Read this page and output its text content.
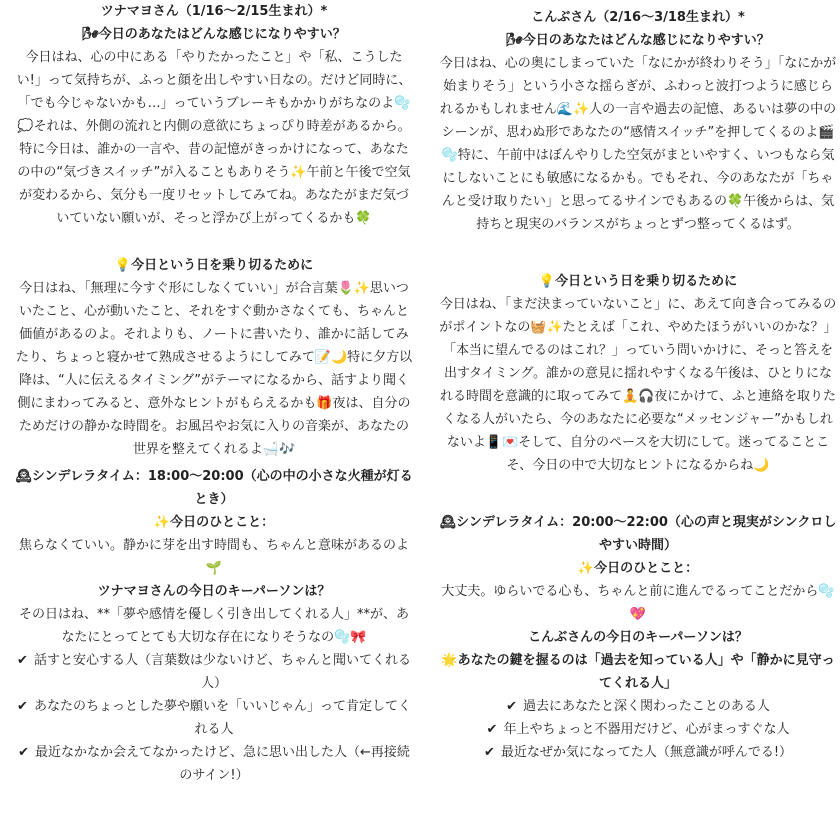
ツナマヨさん（1/16〜2/15生まれ）*

🌬今日のあなたはどんな感じになりやすい？

今日はね、心の中にある「やりたかったこと」や「私、こうしたい!」って気持ちが、ふっと顔を出しやすい日なの。だけど同時に、「でも今じゃないかも…」っていうブレーキもかかりがちなのよ🫧💭それは、外側の流れと内側の意欲にちょっぴり時差があるから。特に今日は、誰かの一言や、昔の記憶がきっかけになって、あなたの中の“気づきスイッチ”が入ることもありそう✨午前と午後で空気が変わるから、気分も一度リセットしてみてね。あなたがまだ気づいていない願いが、そっと浮かび上がってくるかも🍀

💡今日という日を乗り切るために

今日はね、「無理に今すぐ形にしなくていい」が合言葉🌷✨思いついたこと、心が動いたこと、それをすぐ動かさなくても、ちゃんと価値があるのよ。それよりも、ノートに書いたり、誰かに話してみたり、ちょっと寝かせて熟成させるようにしてみて📝🌙特に夕方以降は、“人に伝えるタイミング”がテーマになるから、話すより聞く側にまわってみると、意外なヒントがもらえるかも🎁夜は、自分のためだけの静かな時間を。お風呂やお気に入りの音楽が、あなたの世界を整えてくれるよ🛁🎶

🕰シンデレラタイム：18:00〜20:00（心の中の小さな火種が灯るとき）

✨今日のひとこと：

焦らなくていい。静かに芽を出す時間も、ちゃんと意味があるのよ🌱

ツナマヨさんの今日のキーパーソンは？

その日はね、**「夢や感情を優しく引き出してくれる人」**が、あなたにとってとても大切な存在になりそうなの🫧🎀

✔ 話すと安心する人（言葉数は少ないけど、ちゃんと聞いてくれる人）

✔ あなたのちょっとした夢や願いを「いいじゃん」って肯定してくれる人

✔ 最近なかなか会えてなかったけど、急に思い出した人（←再接続のサイン!）

こんぶさん（2/16〜3/18生まれ）*

🌬今日のあなたはどんな感じになりやすい？

今日はね、心の奥にしまっていた「なにかが終わりそう」「なにかが始まりそう」という小さな揺らぎが、ふわっと波打つように感じられるかもしれません🌊✨人の一言や過去の記憶、あるいは夢の中のシーンが、思わぬ形であなたの“感情スイッチ”を押してくるのよ🎬🫧特に、午前中はぼんやりした空気がまといやすく、いつもなら気にしないことにも敏感になるかも。でもそれ、今のあなたが「ちゃんと受け取りたい」と思ってるサインでもあるの🍀午後からは、気持ちと現実のバランスがちょっとずつ整ってくるはず。

💡今日という日を乗り切るために

今日はね、「まだ決まっていないこと」に、あえて向き合ってみるのがポイントなの🧺✨たとえば「これ、やめたほうがいいのかな？」「本当に望んでるのはこれ？」っていう問いかけに、そっと答えを出すタイミング。誰かの意見に揺れやすくなる午後は、ひとりになれる時間を意識的に取ってみて🧘🎧夜にかけて、ふと連絡を取りたくなる人がいたら、今のあなたに必要な“メッセンジャー”かもしれないよ📱💌そして、自分のペースを大切にして。迷ってることこそ、今日の中で大切なヒントになるからね🌙

🕰シンデレラタイム：20:00〜22:00（心の声と現実がシンクロしやすい時間）

✨今日のひとこと：

大丈夫。ゆらいでる心も、ちゃんと前に進んでるってことだから🫧💖

こんぶさんの今日のキーパーソンは？

🌟あなたの鍵を握るのは「過去を知っている人」や「静かに見守ってくれる人」

✔ 過去にあなたと深く関わったことのある人

✔ 年上やちょっと不器用だけど、心がまっすぐな人

✔ 最近なぜか気になってた人（無意識が呼んでる!）
